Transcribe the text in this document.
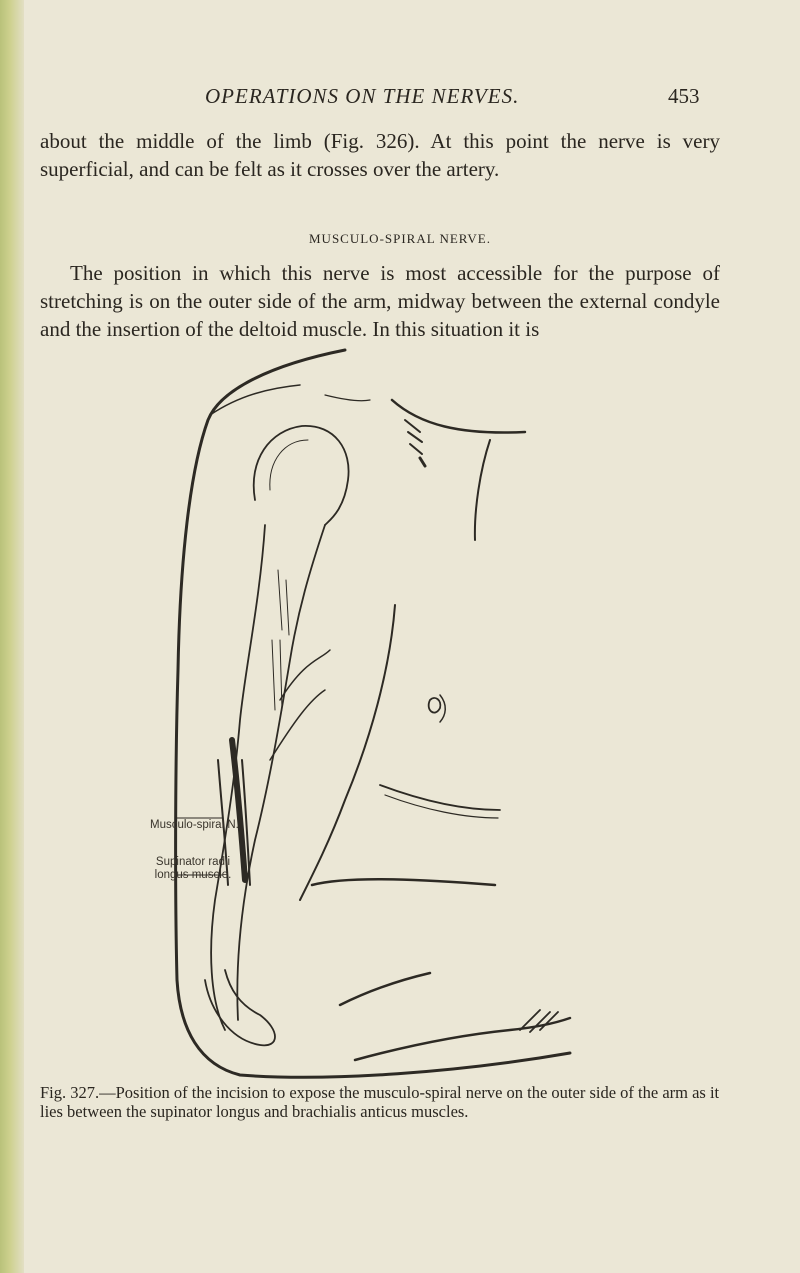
OPERATIONS ON THE NERVES.	453
about the middle of the limb (Fig. 326). At this point the nerve is very superficial, and can be felt as it crosses over the artery.
MUSCULO-SPIRAL NERVE.
The position in which this nerve is most accessible for the purpose of stretching is on the outer side of the arm, midway between the external condyle and the insertion of the deltoid muscle. In this situation it is
Musculo-spiral N.
Supinator radii
longus muscle.
Fig. 327.—Position of the incision to expose the musculo-spiral nerve on the outer side of the arm as it lies between the supinator longus and brachialis anticus muscles.
